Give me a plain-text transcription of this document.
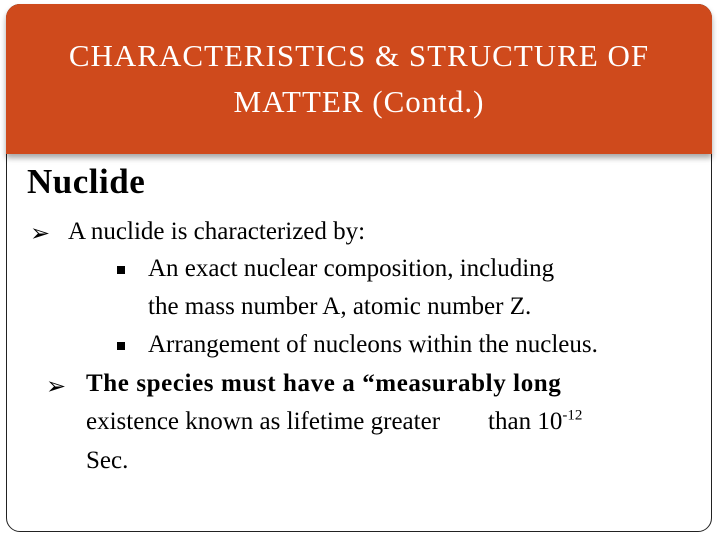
CHARACTERISTICS & STRUCTURE OF
MATTER (Contd.)
Nuclide
➢ A nuclide is characterized by:
An exact nuclear composition, including
the mass number A, atomic number Z.
Arrangement of nucleons within the nucleus.
➢ The species must have a “measurably long
existence known as lifetime greater than $10^{-12}$
Sec.
